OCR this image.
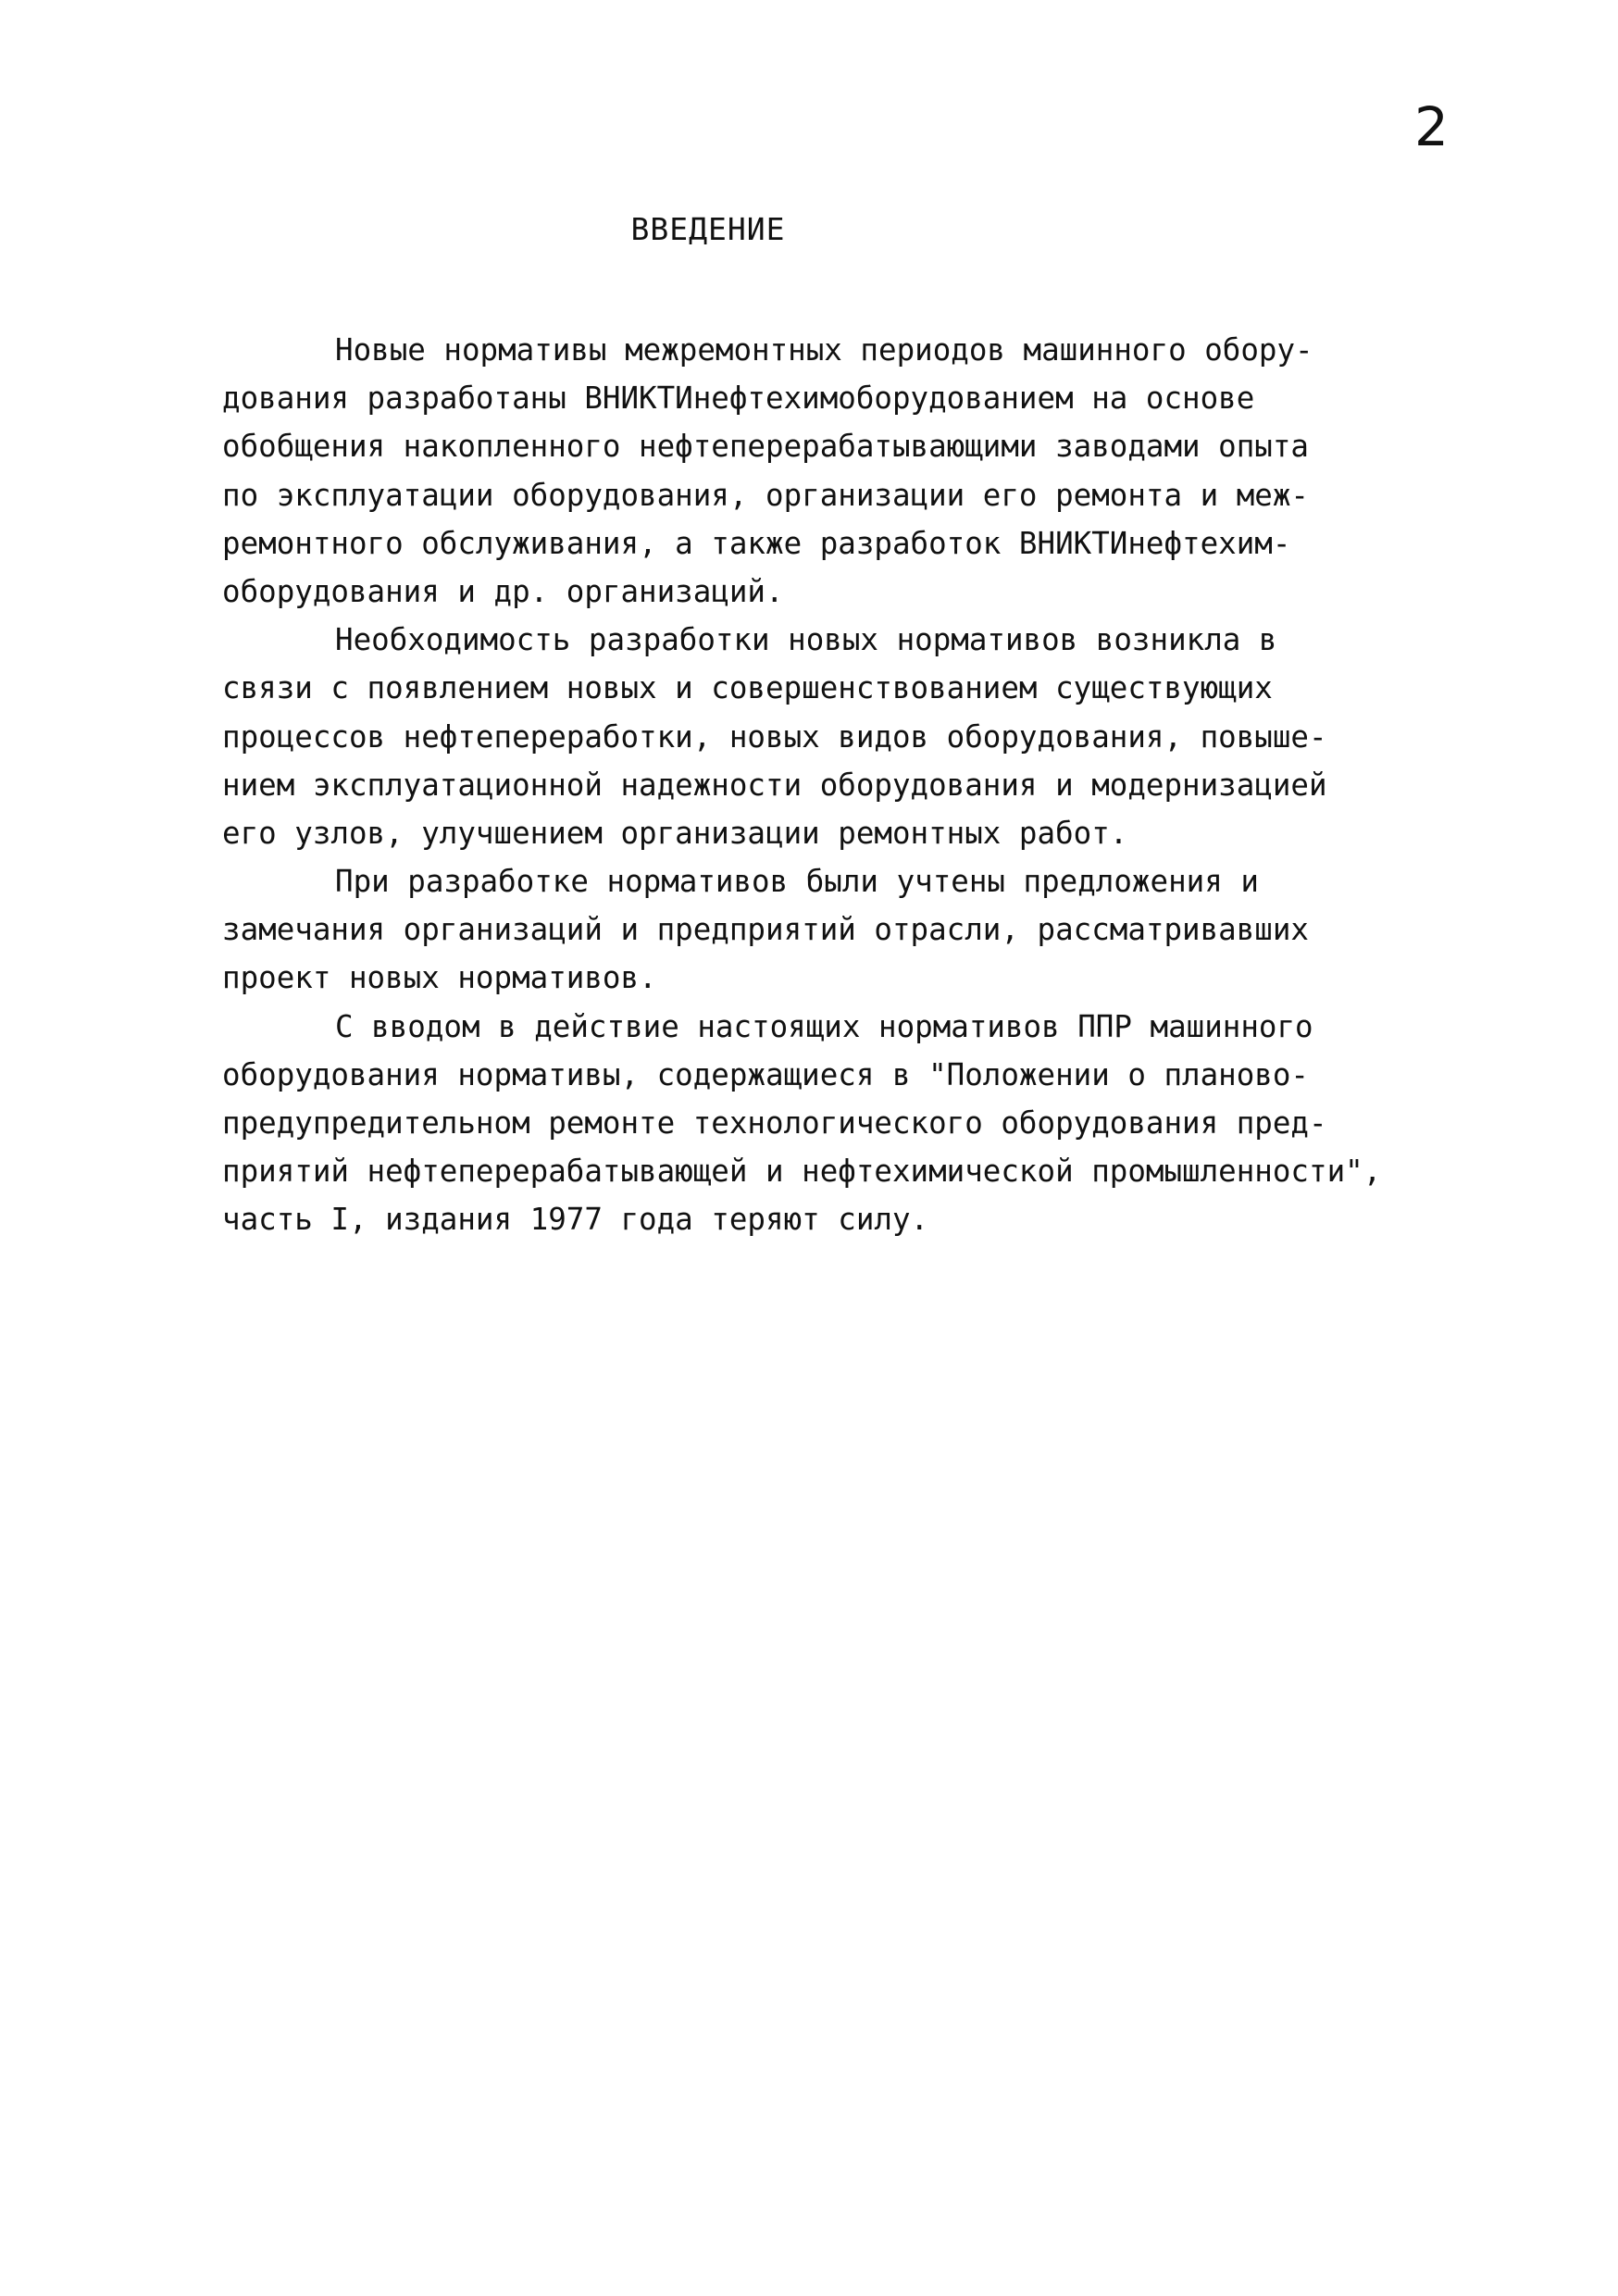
2
ВВЕДЕНИЕ
Новые нормативы межремонтных периодов машинного обору-
дования разработаны ВНИКТИнефтехимоборудованием на основе
обобщения накопленного нефтеперерабатывающими заводами опыта
по эксплуатации оборудования, организации его ремонта и меж-
ремонтного обслуживания, а также разработок ВНИКТИнефтехим-
оборудования и др. организаций.
Необходимость разработки новых нормативов возникла в
связи с появлением новых и совершенствованием существующих
процессов нефтепереработки, новых видов оборудования, повыше-
нием эксплуатационной надежности оборудования и модернизацией
его узлов, улучшением организации ремонтных работ.
При разработке нормативов были учтены предложения и
замечания организаций и предприятий отрасли, рассматривавших
проект новых нормативов.
С вводом в действие настоящих нормативов ППР машинного
оборудования нормативы, содержащиеся в "Положении о планово-
предупредительном ремонте технологического оборудования пред-
приятий нефтеперерабатывающей и нефтехимической промышленности",
часть I, издания 1977 года теряют силу.
